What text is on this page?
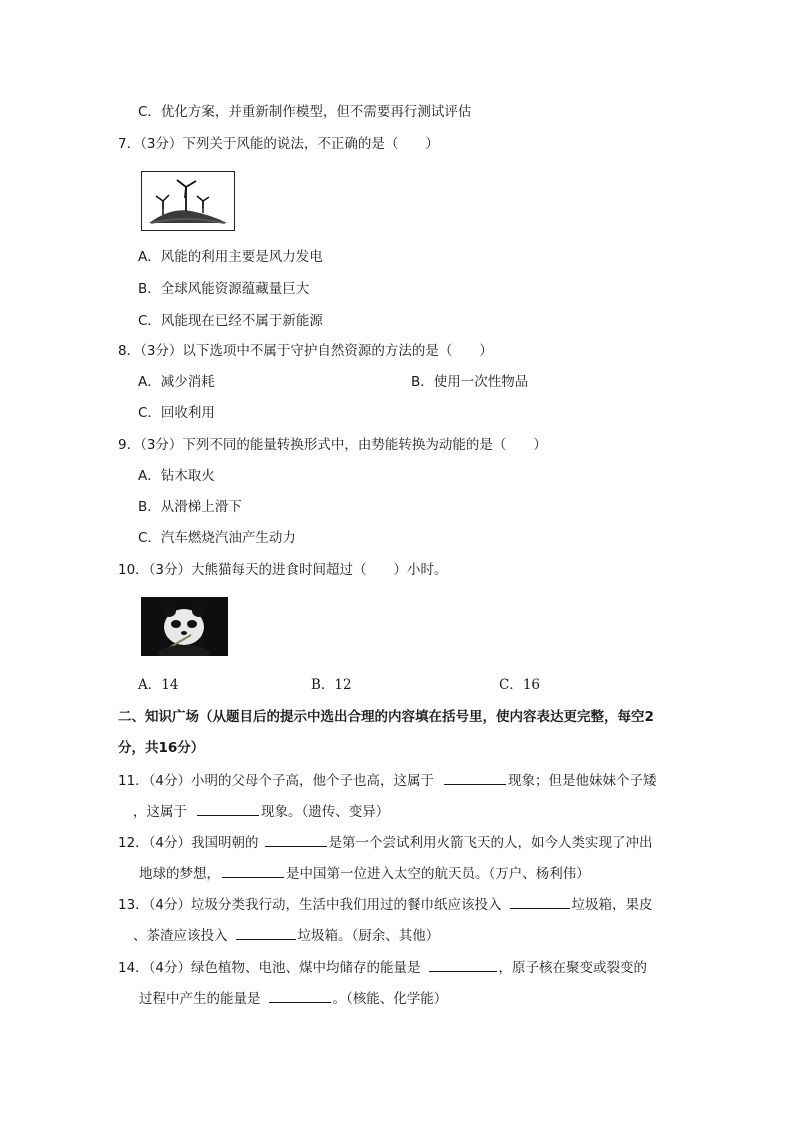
C．优化方案，并重新制作模型，但不需要再行测试评估
7．（3分）下列关于风能的说法，不正确的是（　　）
A．风能的利用主要是风力发电
B．全球风能资源蕴藏量巨大
C．风能现在已经不属于新能源
8．（3分）以下选项中不属于守护自然资源的方法的是（　　）
A．减少消耗	B．使用一次性物品
C．回收利用
9．（3分）下列不同的能量转换形式中，由势能转换为动能的是（　　）
A．钻木取火
B．从滑梯上滑下
C．汽车燃烧汽油产生动力
10．（3分）大熊猫每天的进食时间超过（　　）小时。
A．14	B．12	C．16
二、知识广场（从题目后的提示中选出合理的内容填在括号里，使内容表达更完整，每空2
分，共16分）
11．（4分）小明的父母个子高，他个子也高，这属于	现象；但是他妹妹个子矮
，这属于	现象。（遗传、变异）
12．（4分）我国明朝的	是第一个尝试利用火箭飞天的人，如今人类实现了冲出
地球的梦想，	是中国第一位进入太空的航天员。（万户、杨利伟）
13．（4分）垃圾分类我行动，生活中我们用过的餐巾纸应该投入	垃圾箱，果皮
、茶渣应该投入	垃圾箱。（厨余、其他）
14．（4分）绿色植物、电池、煤中均储存的能量是	，原子核在聚变或裂变的
过程中产生的能量是	。（核能、化学能）
